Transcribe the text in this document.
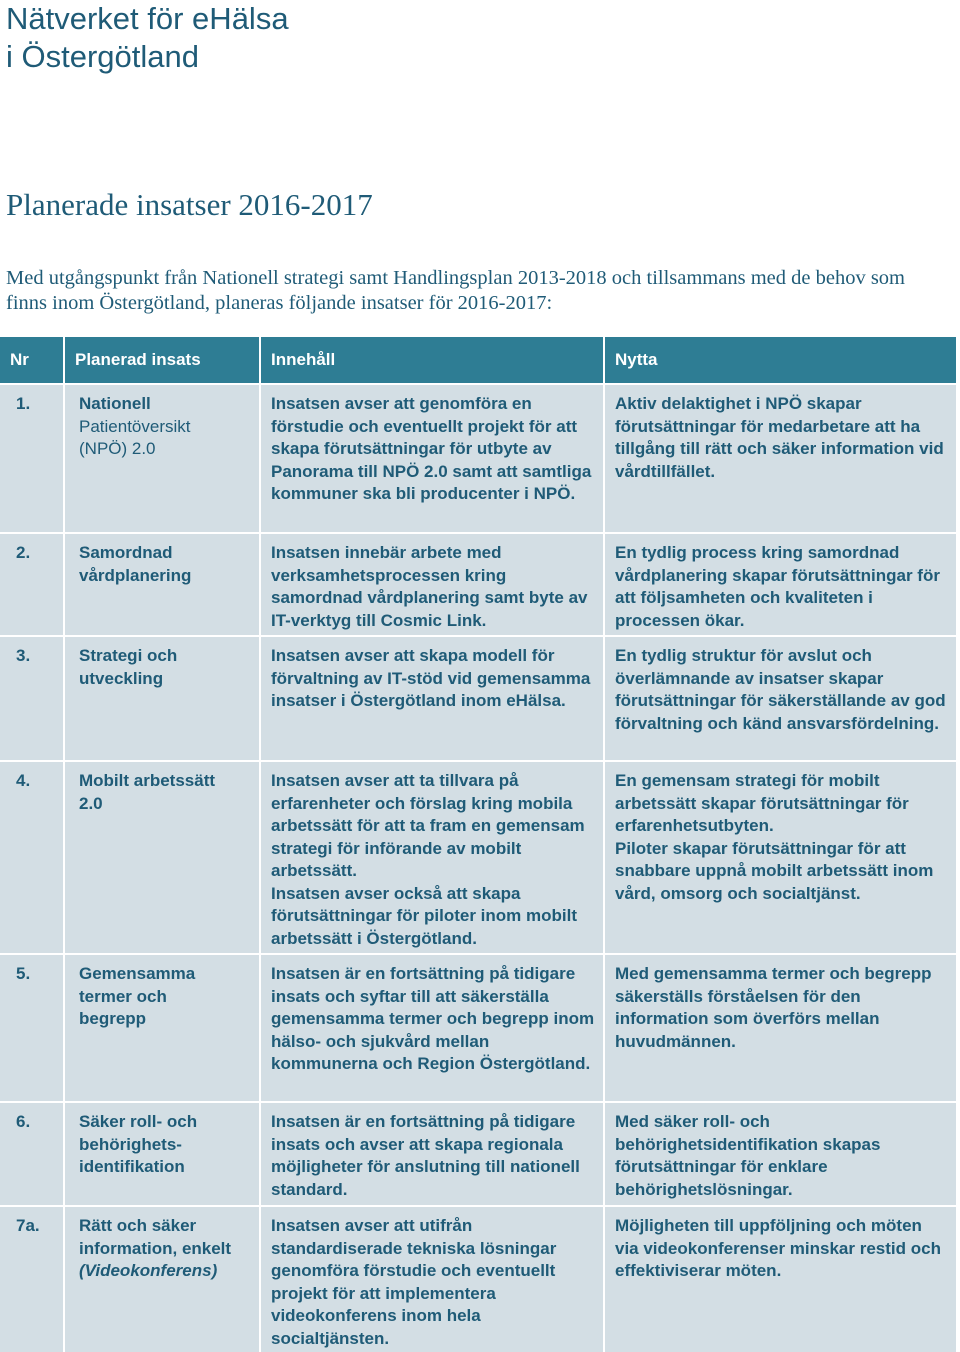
Nätverket för eHälsa
i Östergötland
Planerade insatser 2016-2017

Med utgångspunkt från Nationell strategi samt Handlingsplan 2013-2018 och tillsammans med de behov som finns inom Östergötland, planeras följande insatser för 2016-2017:

Nr	Planerad insats	Innehåll	Nytta
1.	Nationell
Patientöversikt
(NPÖ) 2.0	Insatsen avser att genomföra en förstudie och eventuellt projekt för att skapa förutsättningar för utbyte av Panorama till NPÖ 2.0 samt att samtliga kommuner ska bli producenter i NPÖ.	Aktiv delaktighet i NPÖ skapar förutsättningar för medarbetare att ha tillgång till rätt och säker information vid vårdtillfället.
2.	Samordnad
vårdplanering	Insatsen innebär arbete med verksamhetsprocessen kring samordnad vårdplanering samt byte av IT-verktyg till Cosmic Link.	En tydlig process kring samordnad vårdplanering skapar förutsättningar för att följsamheten och kvaliteten i processen ökar.
3.	Strategi och
utveckling	Insatsen avser att skapa modell för förvaltning av IT-stöd vid gemensamma insatser i Östergötland inom eHälsa.	En tydlig struktur för avslut och överlämnande av insatser skapar förutsättningar för säkerställande av god förvaltning och känd ansvarsfördelning.
4.	Mobilt arbetssätt
2.0	Insatsen avser att ta tillvara på erfarenheter och förslag kring mobila arbetssätt för att ta fram en gemensam strategi för införande av mobilt arbetssätt.
Insatsen avser också att skapa förutsättningar för piloter inom mobilt arbetssätt i Östergötland.	En gemensam strategi för mobilt arbetssätt skapar förutsättningar för erfarenhetsutbyten.
Piloter skapar förutsättningar för att snabbare uppnå mobilt arbetssätt inom vård, omsorg och socialtjänst.

5.	Gemensamma
termer och
begrepp	Insatsen är en fortsättning på tidigare insats och syftar till att säkerställa gemensamma termer och begrepp inom hälso- och sjukvård mellan kommunerna och Region Östergötland.	Med gemensamma termer och begrepp säkerställs förståelsen för den information som överförs mellan huvudmännen.
6.	Säker roll- och
behörighets-
identifikation	Insatsen är en fortsättning på tidigare insats och avser att skapa regionala möjligheter för anslutning till nationell standard.	Med säker roll- och behörighetsidentifikation skapas förutsättningar för enklare behörighetslösningar.
7a.	Rätt och säker
information, enkelt
(Videokonferens)	Insatsen avser att utifrån standardiserade tekniska lösningar genomföra förstudie och eventuellt projekt för att implementera videokonferens inom hela socialtjänsten.	Möjligheten till uppföljning och möten via videokonferenser minskar restid och effektiviserar möten.
